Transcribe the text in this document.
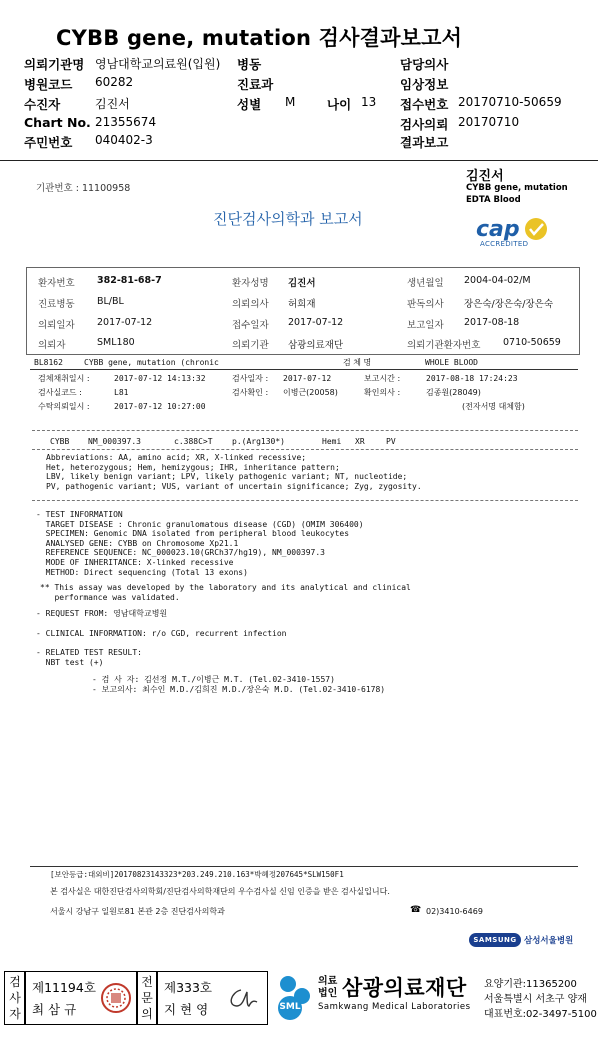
CYBB gene, mutation 검사결과보고서
의뢰기관명 영남대학교의료원(입원)
병원코드 60282
수진자	김진서
Chart No. 21355674
주민번호 040402-3
병동
진료과
성별 M	나이 13
담당의사
임상정보
접수번호 20170710-50659
검사의뢰 20170710
결과보고
기관번호 : 11100958
김진서
CYBB gene, mutation
EDTA Blood
진단검사의학과 보고서	cap
ACCREDITED
환자번호 382-81-68-7	환자성명 김진서	생년월일 2004-04-02/M
진료병동 BL/BL	의뢰의사 허희재	판독의사 장은숙/장은숙/장은숙
의뢰일자 2017-07-12	접수일자 2017-07-12	보고일자 2017-08-18
의뢰자	SML180	의뢰기관 삼광의료재단	의뢰기관환자번호 0710-50659
BL8162	CYBB gene, mutation (chronic	검 체 명	WHOLE BLOOD
검체채취일시 :	2017-07-12 14:13:32	검사일자 : 2017-07-12	보고시간 :	2017-08-18 17:24:23
검사실코드 :	L81	검사확인 : 이병근(20058)	확인의사 :	김종원(28049)
수탁의뢰일시 :	2017-07-12 10:27:00	(전자서명 대체함)
CYBB NM_000397.3	c.388C>T p.(Arg130*)	Hemi XR	PV
Abbreviations: AA, amino acid; XR, X-linked recessive;
Het, heterozygous; Hem, hemizygous; IHR, inheritance pattern;
LBV, likely benign variant; LPV, likely pathogenic variant; NT, nucleotide;
PV, pathogenic variant; VUS, variant of uncertain significance; Zyg, zygosity.
- TEST INFORMATION
TARGET DISEASE : Chronic granulomatous disease (CGD) (OMIM 306400)
SPECIMEN: Genomic DNA isolated from peripheral blood leukocytes
ANALYSED GENE: CYBB on Chromosome Xp21.1
REFERENCE SEQUENCE: NC_000023.10(GRCh37/hg19), NM_000397.3
MODE OF INHERITANCE: X-linked recessive
METHOD: Direct sequencing (Total 13 exons)
** This assay was developed by the laboratory and its analytical and clinical
performance was validated.
- REQUEST FROM: 영남대학교병원
- CLINICAL INFORMATION: r/o CGD, recurrent infection
- RELATED TEST RESULT:
NBT test (+)
- 검 사 자: 김선정 M.T./이병근 M.T. (Tel.02-3410-1557)
- 보고의사: 최수인 M.D./김희진 M.D./장은숙 M.D. (Tel.02-3410-6178)
[보안등급:대외비]20170823143323*203.249.210.163*박혜정207645*SLW150F1
본 검사실은 대한진단검사의학회/진단검사의학재단의 우수검사실 신임 인증을 받은 검사실입니다.
서울시 강남구 일원로81 본관 2층 진단검사의학과	☎ 02)3410-6469
SAMSUNG 삼성서울병원
검사자
제11194호
최 삼 규
전문의
제333호
지 현 영	SML
의료법인 삼광의료재단
Samkwang Medical Laboratories
요양기관:11365200
서울특별시 서초구 양재
대표번호:02-3497-5100
